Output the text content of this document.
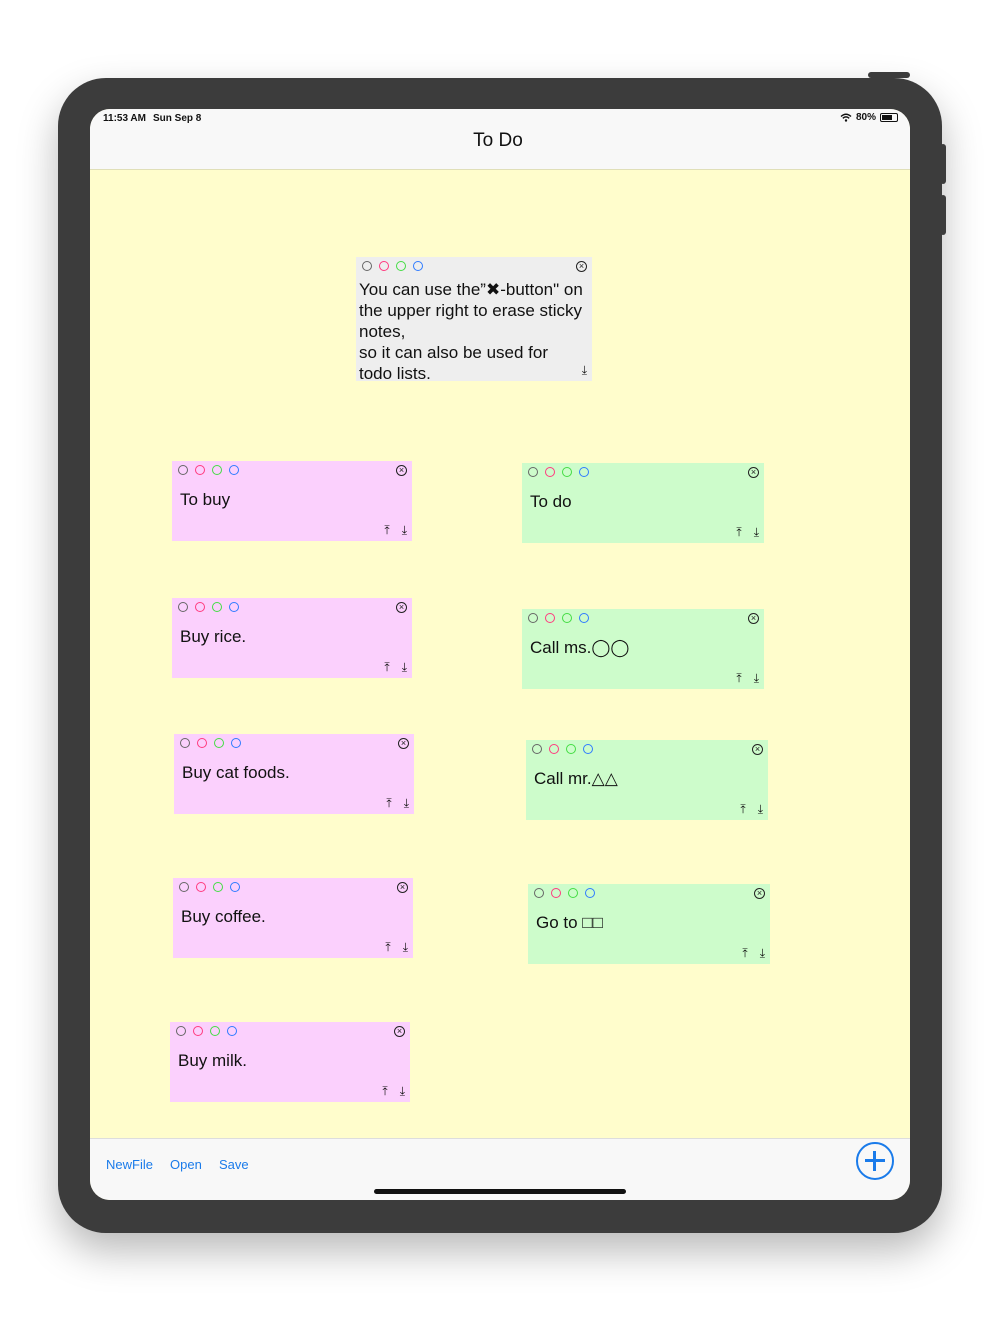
11:53 AM Sun Sep 8	80%
To Do
×
You can use the”✖-button" on the upper right to erase sticky notes,
so it can also be used for todo lists.	⤓
×
To buy
⤒ ⤓
×
To do
⤒ ⤓
×
Buy rice.
⤒ ⤓
×
Call ms.◯◯
⤒ ⤓
×
Buy cat foods.
⤒ ⤓
×
Call mr.△△
⤒ ⤓
×
Buy coffee.
⤒ ⤓
×
Go to □□
⤒ ⤓
×
Buy milk.
⤒ ⤓
NewFile Open Save
